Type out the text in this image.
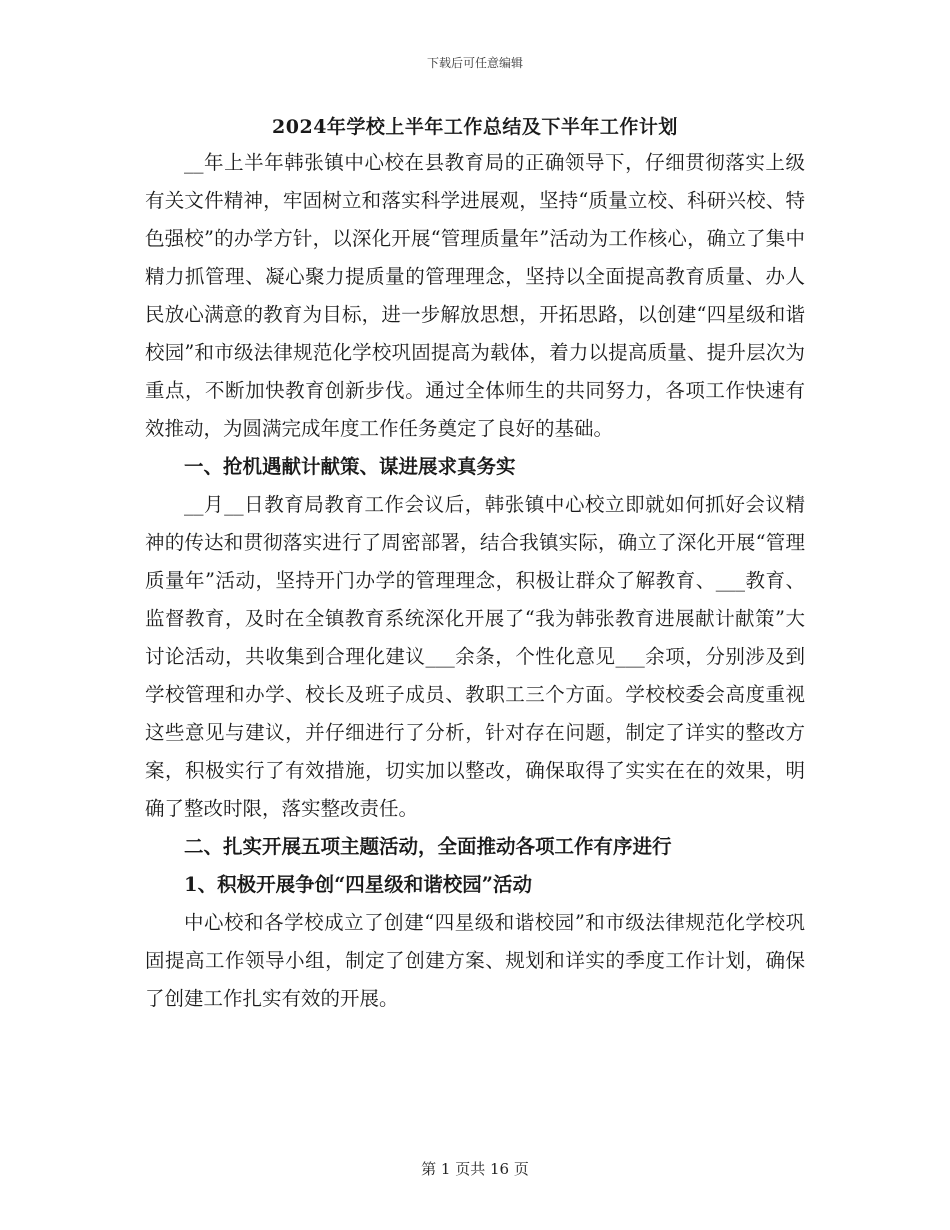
下载后可任意编辑
2024年学校上半年工作总结及下半年工作计划

__年上半年韩张镇中心校在县教育局的正确领导下，仔细贯彻落实上级有关文件精神，牢固树立和落实科学进展观，坚持“质量立校、科研兴校、特色强校”的办学方针，以深化开展“管理质量年”活动为工作核心，确立了集中精力抓管理、凝心聚力提质量的管理理念，坚持以全面提高教育质量、办人民放心满意的教育为目标，进一步解放思想，开拓思路，以创建“四星级和谐校园”和市级法律规范化学校巩固提高为载体，着力以提高质量、提升层次为重点，不断加快教育创新步伐。通过全体师生的共同努力，各项工作快速有效推动，为圆满完成年度工作任务奠定了良好的基础。

一、抢机遇献计献策、谋进展求真务实

__月__日教育局教育工作会议后，韩张镇中心校立即就如何抓好会议精神的传达和贯彻落实进行了周密部署，结合我镇实际，确立了深化开展“管理质量年”活动，坚持开门办学的管理理念，积极让群众了解教育、___教育、监督教育，及时在全镇教育系统深化开展了“我为韩张教育进展献计献策”大讨论活动，共收集到合理化建议___余条，个性化意见___余项，分别涉及到学校管理和办学、校长及班子成员、教职工三个方面。学校校委会高度重视这些意见与建议，并仔细进行了分析，针对存在问题，制定了详实的整改方案，积极实行了有效措施，切实加以整改，确保取得了实实在在的效果，明确了整改时限，落实整改责任。

二、扎实开展五项主题活动，全面推动各项工作有序进行

1、积极开展争创“四星级和谐校园”活动

中心校和各学校成立了创建“四星级和谐校园”和市级法律规范化学校巩固提高工作领导小组，制定了创建方案、规划和详实的季度工作计划，确保了创建工作扎实有效的开展。

第 1 页共 16 页
